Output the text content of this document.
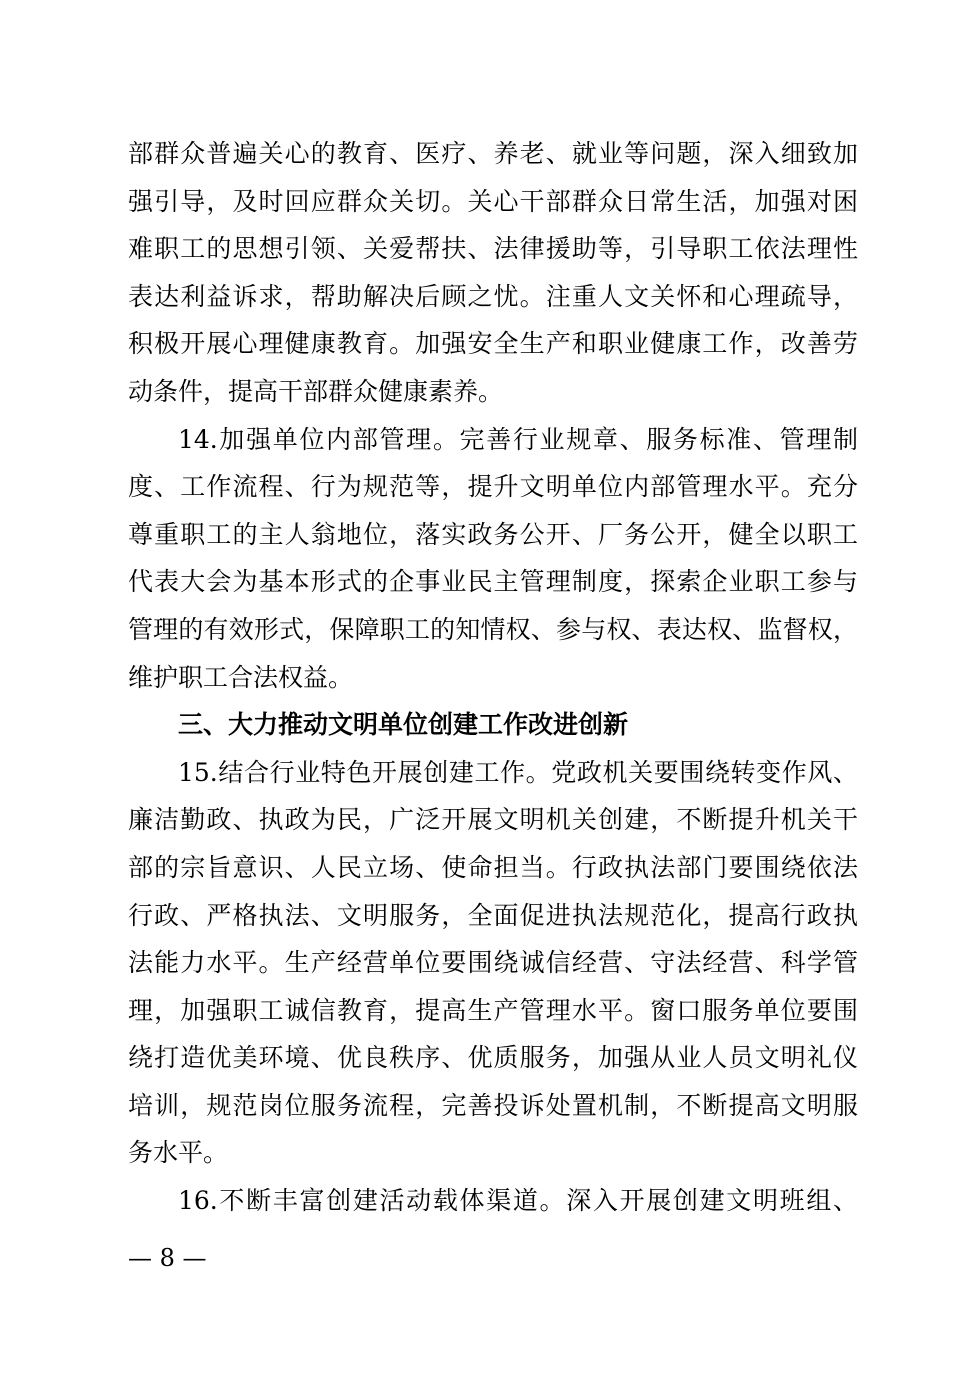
部群众普遍关心的教育、医疗、养老、就业等问题，深入细致加
强引导，及时回应群众关切。关心干部群众日常生活，加强对困
难职工的思想引领、关爱帮扶、法律援助等，引导职工依法理性
表达利益诉求，帮助解决后顾之忧。注重人文关怀和心理疏导，
积极开展心理健康教育。加强安全生产和职业健康工作，改善劳
动条件，提高干部群众健康素养。
14.加强单位内部管理。完善行业规章、服务标准、管理制
度、工作流程、行为规范等，提升文明单位内部管理水平。充分
尊重职工的主人翁地位，落实政务公开、厂务公开，健全以职工
代表大会为基本形式的企事业民主管理制度，探索企业职工参与
管理的有效形式，保障职工的知情权、参与权、表达权、监督权，
维护职工合法权益。
三、大力推动文明单位创建工作改进创新
15.结合行业特色开展创建工作。党政机关要围绕转变作风、
廉洁勤政、执政为民，广泛开展文明机关创建，不断提升机关干
部的宗旨意识、人民立场、使命担当。行政执法部门要围绕依法
行政、严格执法、文明服务，全面促进执法规范化，提高行政执
法能力水平。生产经营单位要围绕诚信经营、守法经营、科学管
理，加强职工诚信教育，提高生产管理水平。窗口服务单位要围
绕打造优美环境、优良秩序、优质服务，加强从业人员文明礼仪
培训，规范岗位服务流程，完善投诉处置机制，不断提高文明服
务水平。
16.不断丰富创建活动载体渠道。深入开展创建文明班组、
— 8 —
